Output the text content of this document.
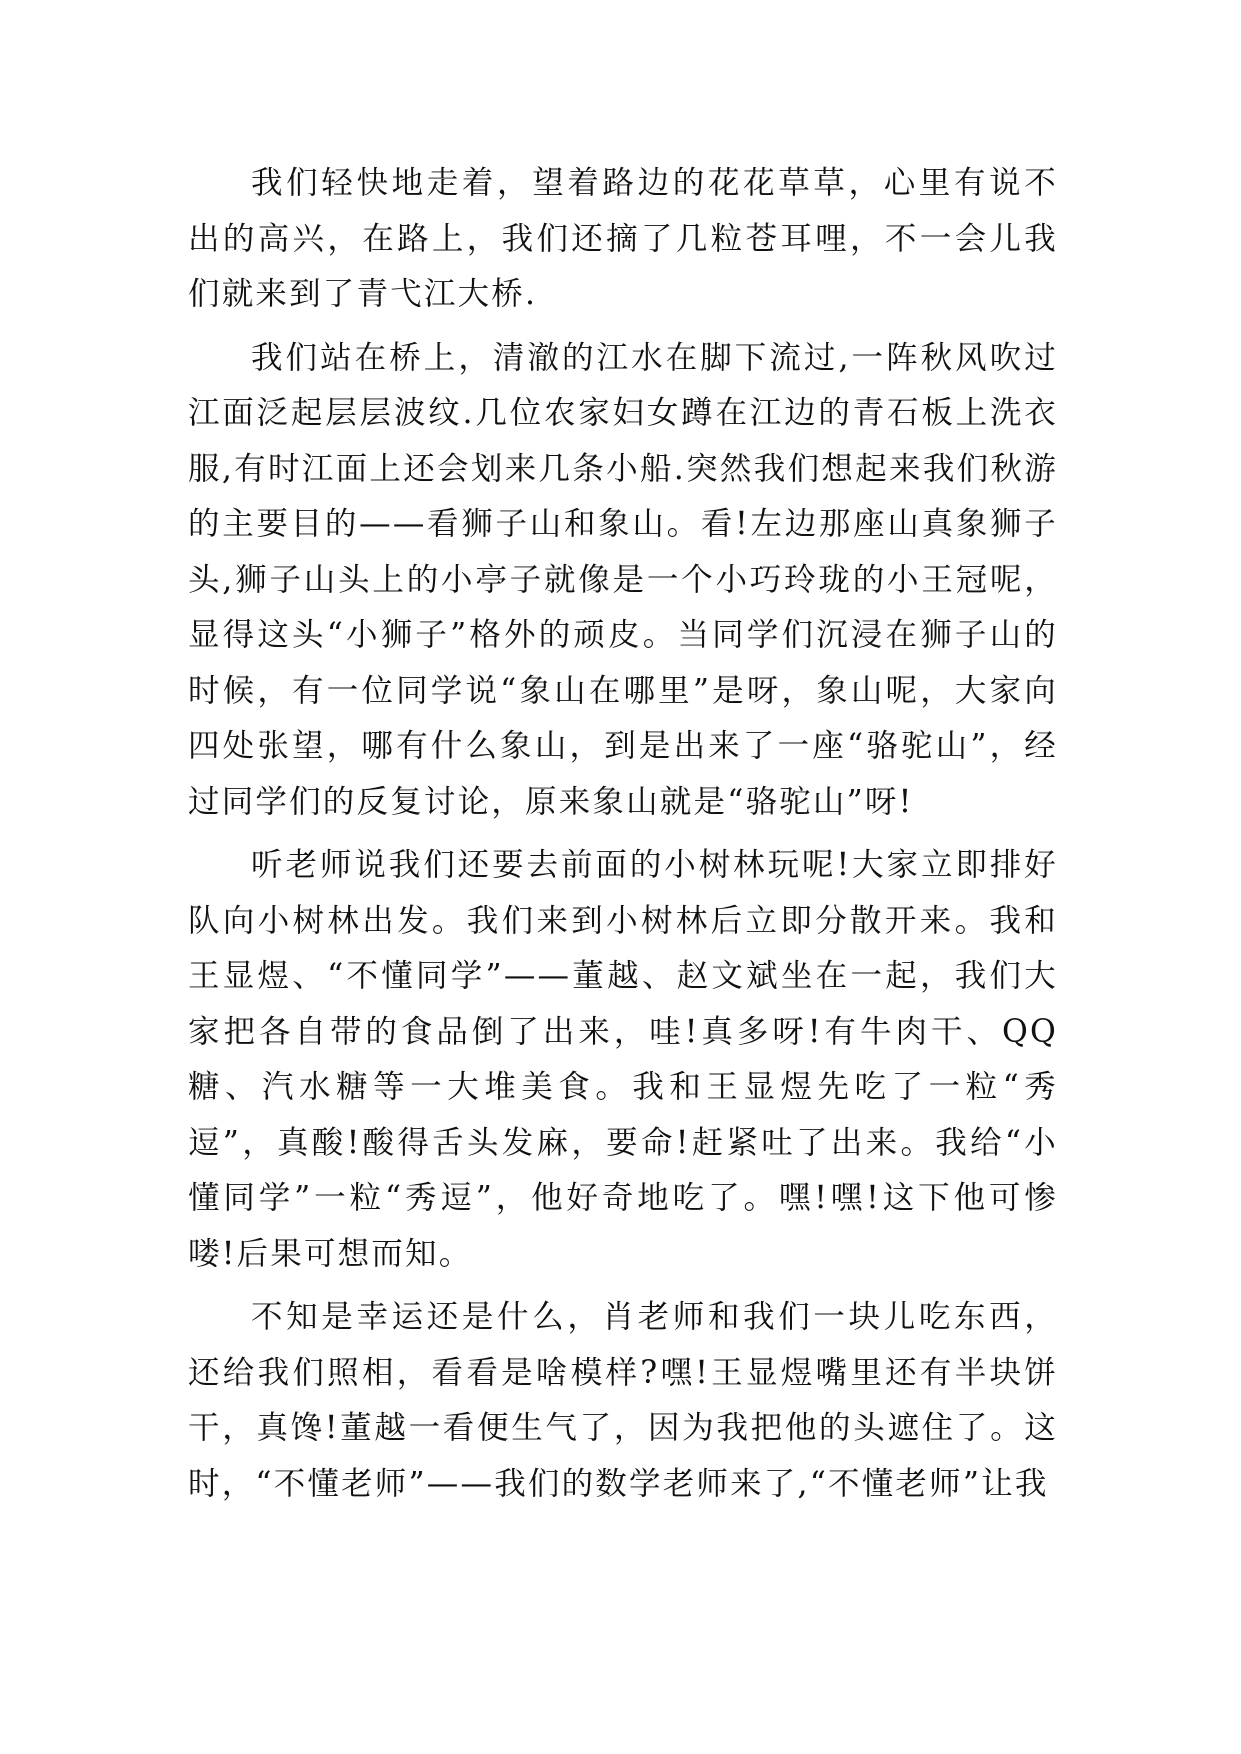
我们轻快地走着，望着路边的花花草草，心里有说不出的高兴，在路上，我们还摘了几粒苍耳哩，不一会儿我们就来到了青弋江大桥.

我们站在桥上，清澈的江水在脚下流过,一阵秋风吹过江面泛起层层波纹.几位农家妇女蹲在江边的青石板上洗衣服,有时江面上还会划来几条小船.突然我们想起来我们秋游的主要目的——看狮子山和象山。看!左边那座山真象狮子头,狮子山头上的小亭子就像是一个小巧玲珑的小王冠呢，显得这头“小狮子”格外的顽皮。当同学们沉浸在狮子山的时候，有一位同学说“象山在哪里”是呀，象山呢，大家向四处张望，哪有什么象山，到是出来了一座“骆驼山”，经过同学们的反复讨论，原来象山就是“骆驼山”呀!

听老师说我们还要去前面的小树林玩呢!大家立即排好队向小树林出发。我们来到小树林后立即分散开来。我和王显煜、“不懂同学”——董越、赵文斌坐在一起，我们大家把各自带的食品倒了出来，哇!真多呀!有牛肉干、QQ糖、汽水糖等一大堆美食。我和王显煜先吃了一粒“秀逗”，真酸!酸得舌头发麻，要命!赶紧吐了出来。我给“小懂同学”一粒“秀逗”，他好奇地吃了。嘿!嘿!这下他可惨喽!后果可想而知。

不知是幸运还是什么，肖老师和我们一块儿吃东西，还给我们照相，看看是啥模样?嘿!王显煜嘴里还有半块饼干，真馋!董越一看便生气了，因为我把他的头遮住了。这时，“不懂老师”——我们的数学老师来了,“不懂老师”让我
